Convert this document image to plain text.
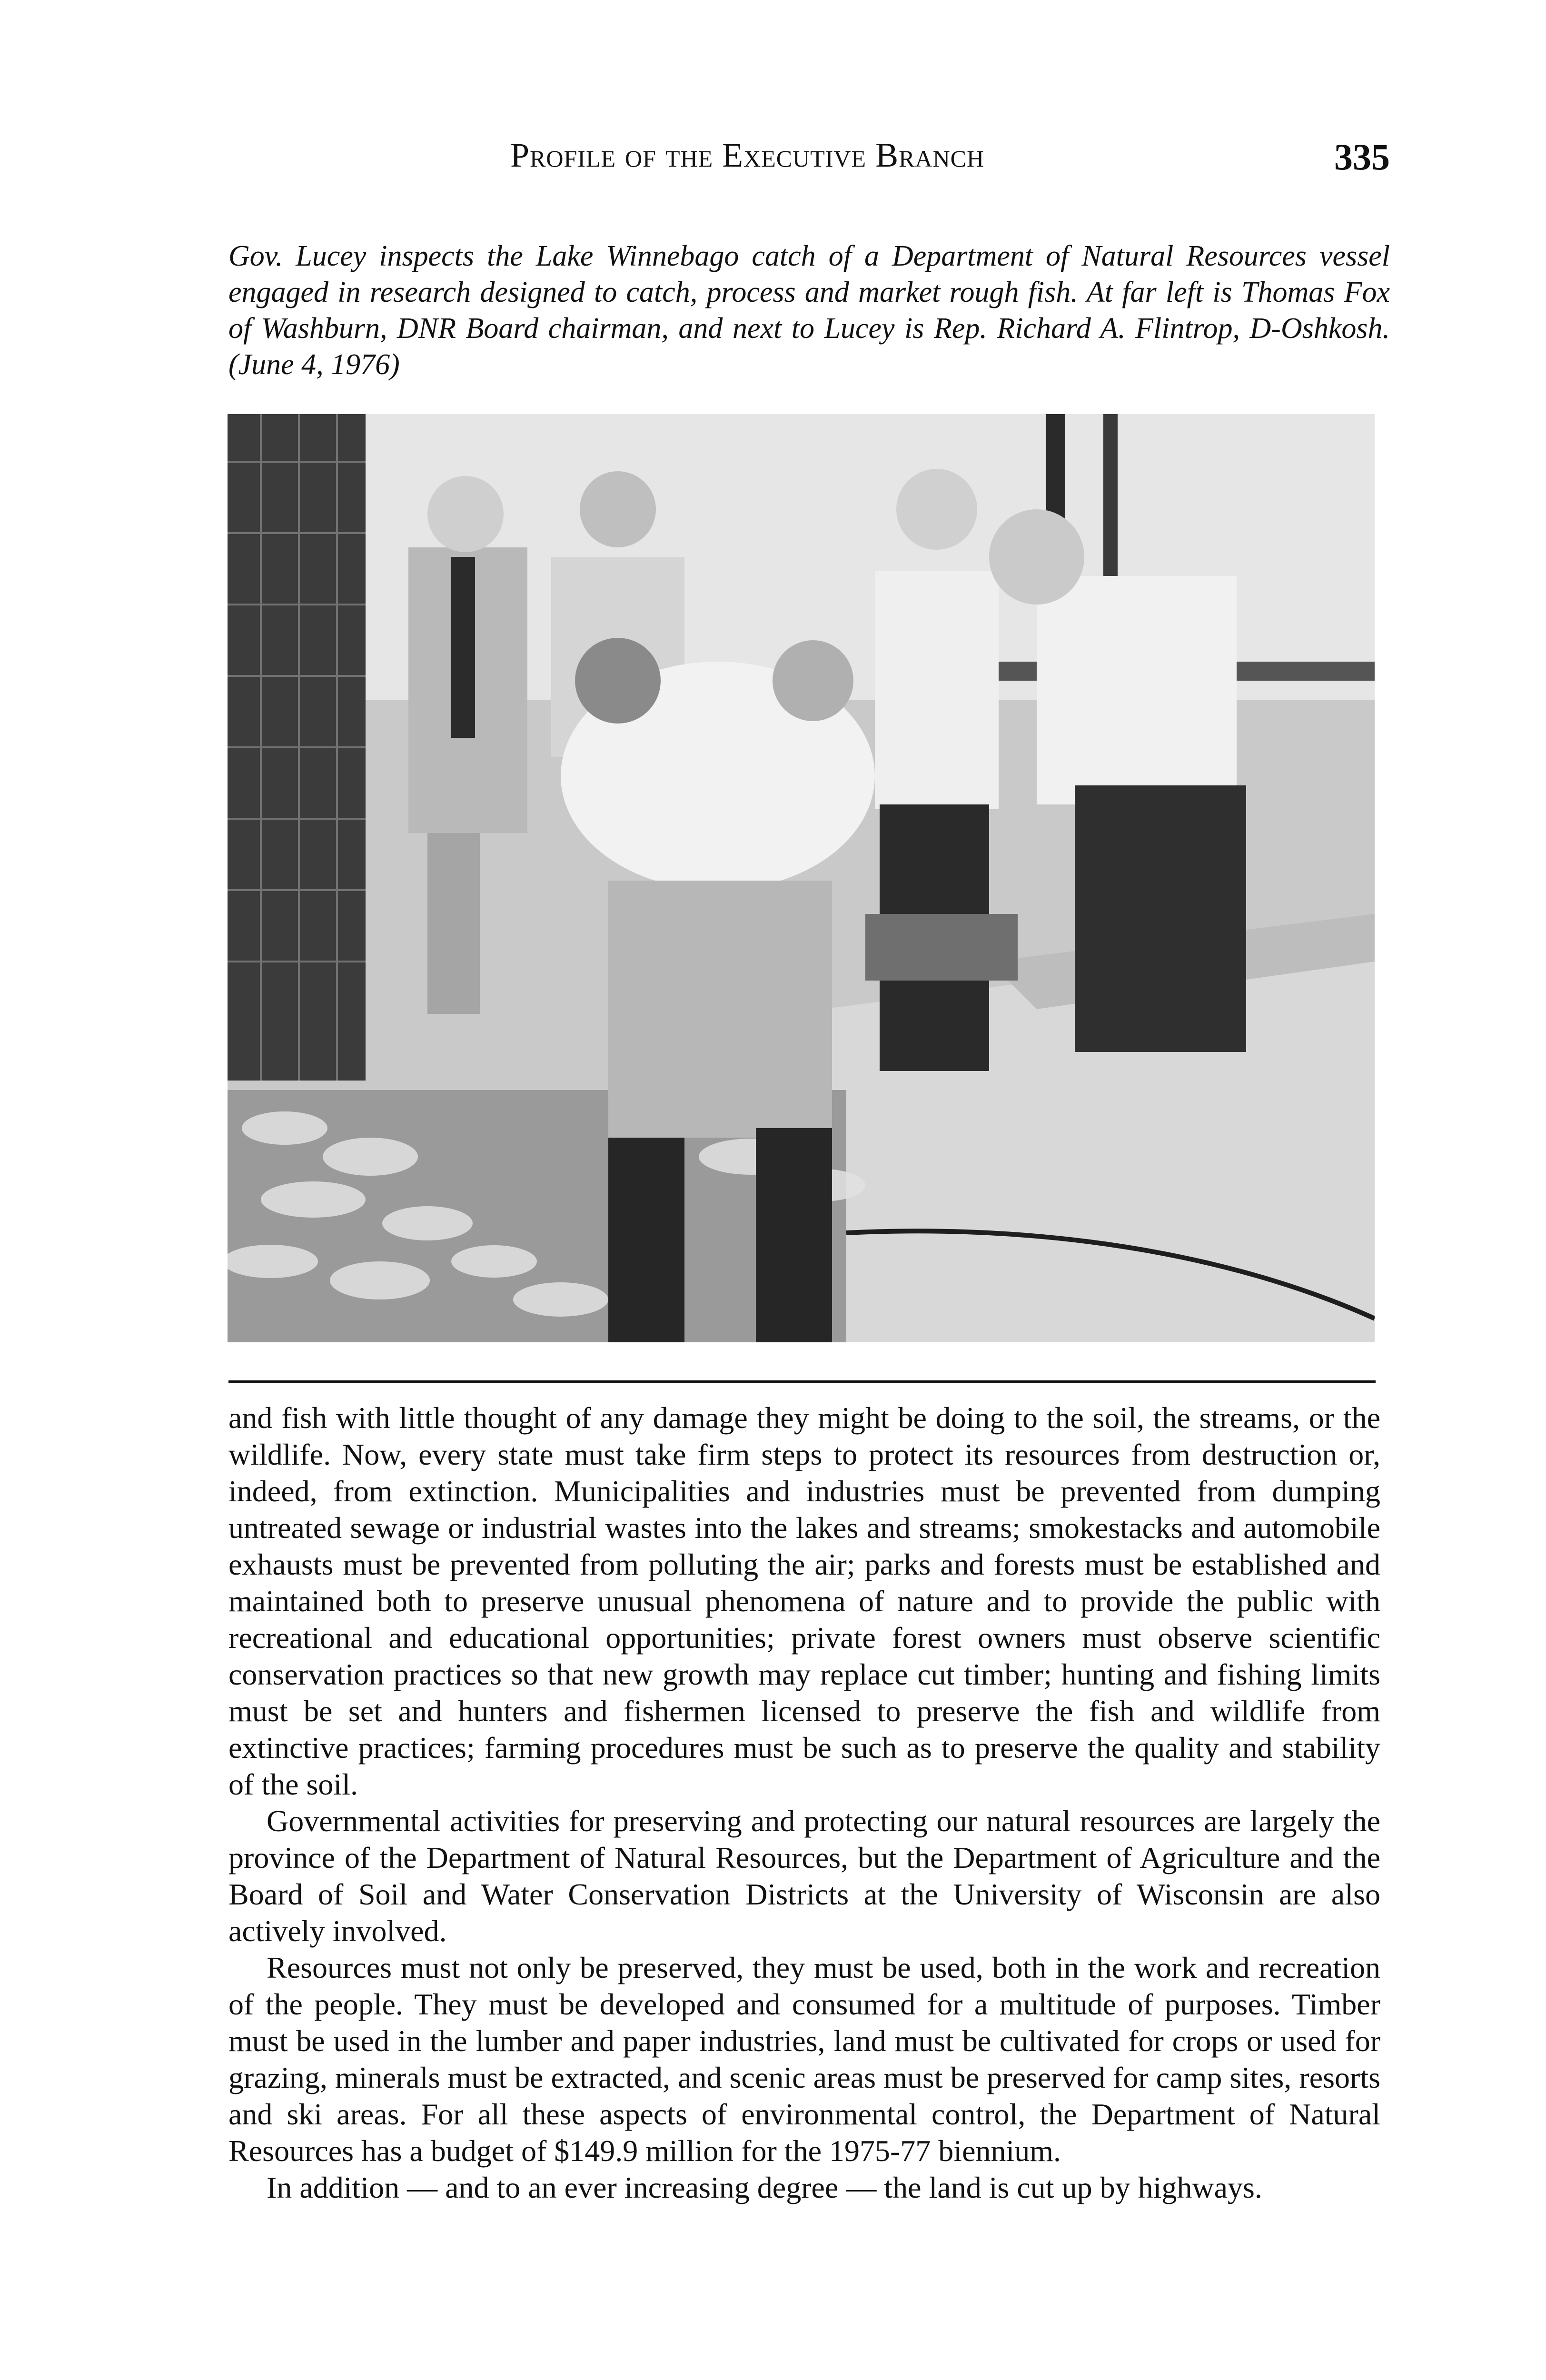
Profile of the Executive Branch	335

Gov. Lucey inspects the Lake Winnebago catch of a Department of Natural Resources vessel engaged in research designed to catch, process and market rough fish. At far left is Thomas Fox of Washburn, DNR Board chairman, and next to Lucey is Rep. Richard A. Flintrop, D-Oshkosh. (June 4, 1976)

and fish with little thought of any damage they might be doing to the soil, the streams, or the wildlife. Now, every state must take firm steps to protect its resources from destruction or, indeed, from extinction. Municipalities and industries must be prevented from dumping untreated sewage or industrial wastes into the lakes and streams; smokestacks and automobile exhausts must be prevented from polluting the air; parks and forests must be established and maintained both to preserve unusual phenomena of nature and to provide the public with recreational and educational opportunities; private forest owners must observe scientific conservation practices so that new growth may replace cut timber; hunting and fishing limits must be set and hunters and fishermen licensed to preserve the fish and wildlife from extinctive practices; farming procedures must be such as to preserve the quality and stability of the soil.

Governmental activities for preserving and protecting our natural resources are largely the province of the Department of Natural Resources, but the Department of Agriculture and the Board of Soil and Water Conservation Districts at the University of Wisconsin are also actively involved.

Resources must not only be preserved, they must be used, both in the work and recreation of the people. They must be developed and consumed for a multitude of purposes. Timber must be used in the lumber and paper industries, land must be cultivated for crops or used for grazing, minerals must be extracted, and scenic areas must be preserved for camp sites, resorts and ski areas. For all these aspects of environmental control, the Department of Natural Resources has a budget of $149.9 million for the 1975-77 biennium.

In addition — and to an ever increasing degree — the land is cut up by highways.
